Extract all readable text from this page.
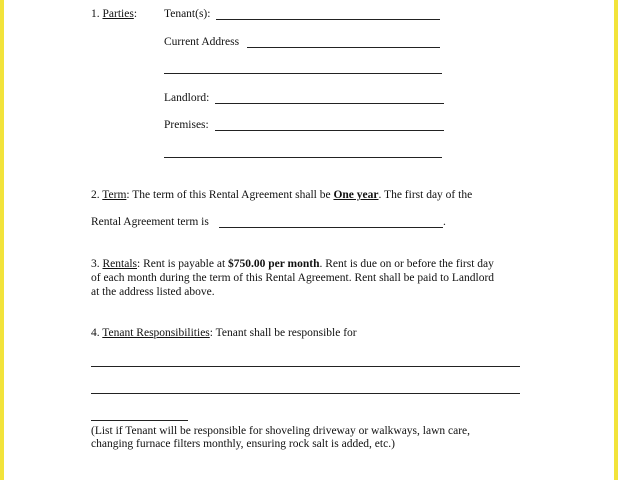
1. Parties: Tenant(s):
Current Address
Landlord:
Premises:
2. Term: The term of this Rental Agreement shall be One year. The first day of the
Rental Agreement term is	.
3. Rentals: Rent is payable at $750.00 per month. Rent is due on or before the first day
of each month during the term of this Rental Agreement. Rent shall be paid to Landlord
at the address listed above.
4. Tenant Responsibilities: Tenant shall be responsible for
(List if Tenant will be responsible for shoveling driveway or walkways, lawn care,
changing furnace filters monthly, ensuring rock salt is added, etc.)
